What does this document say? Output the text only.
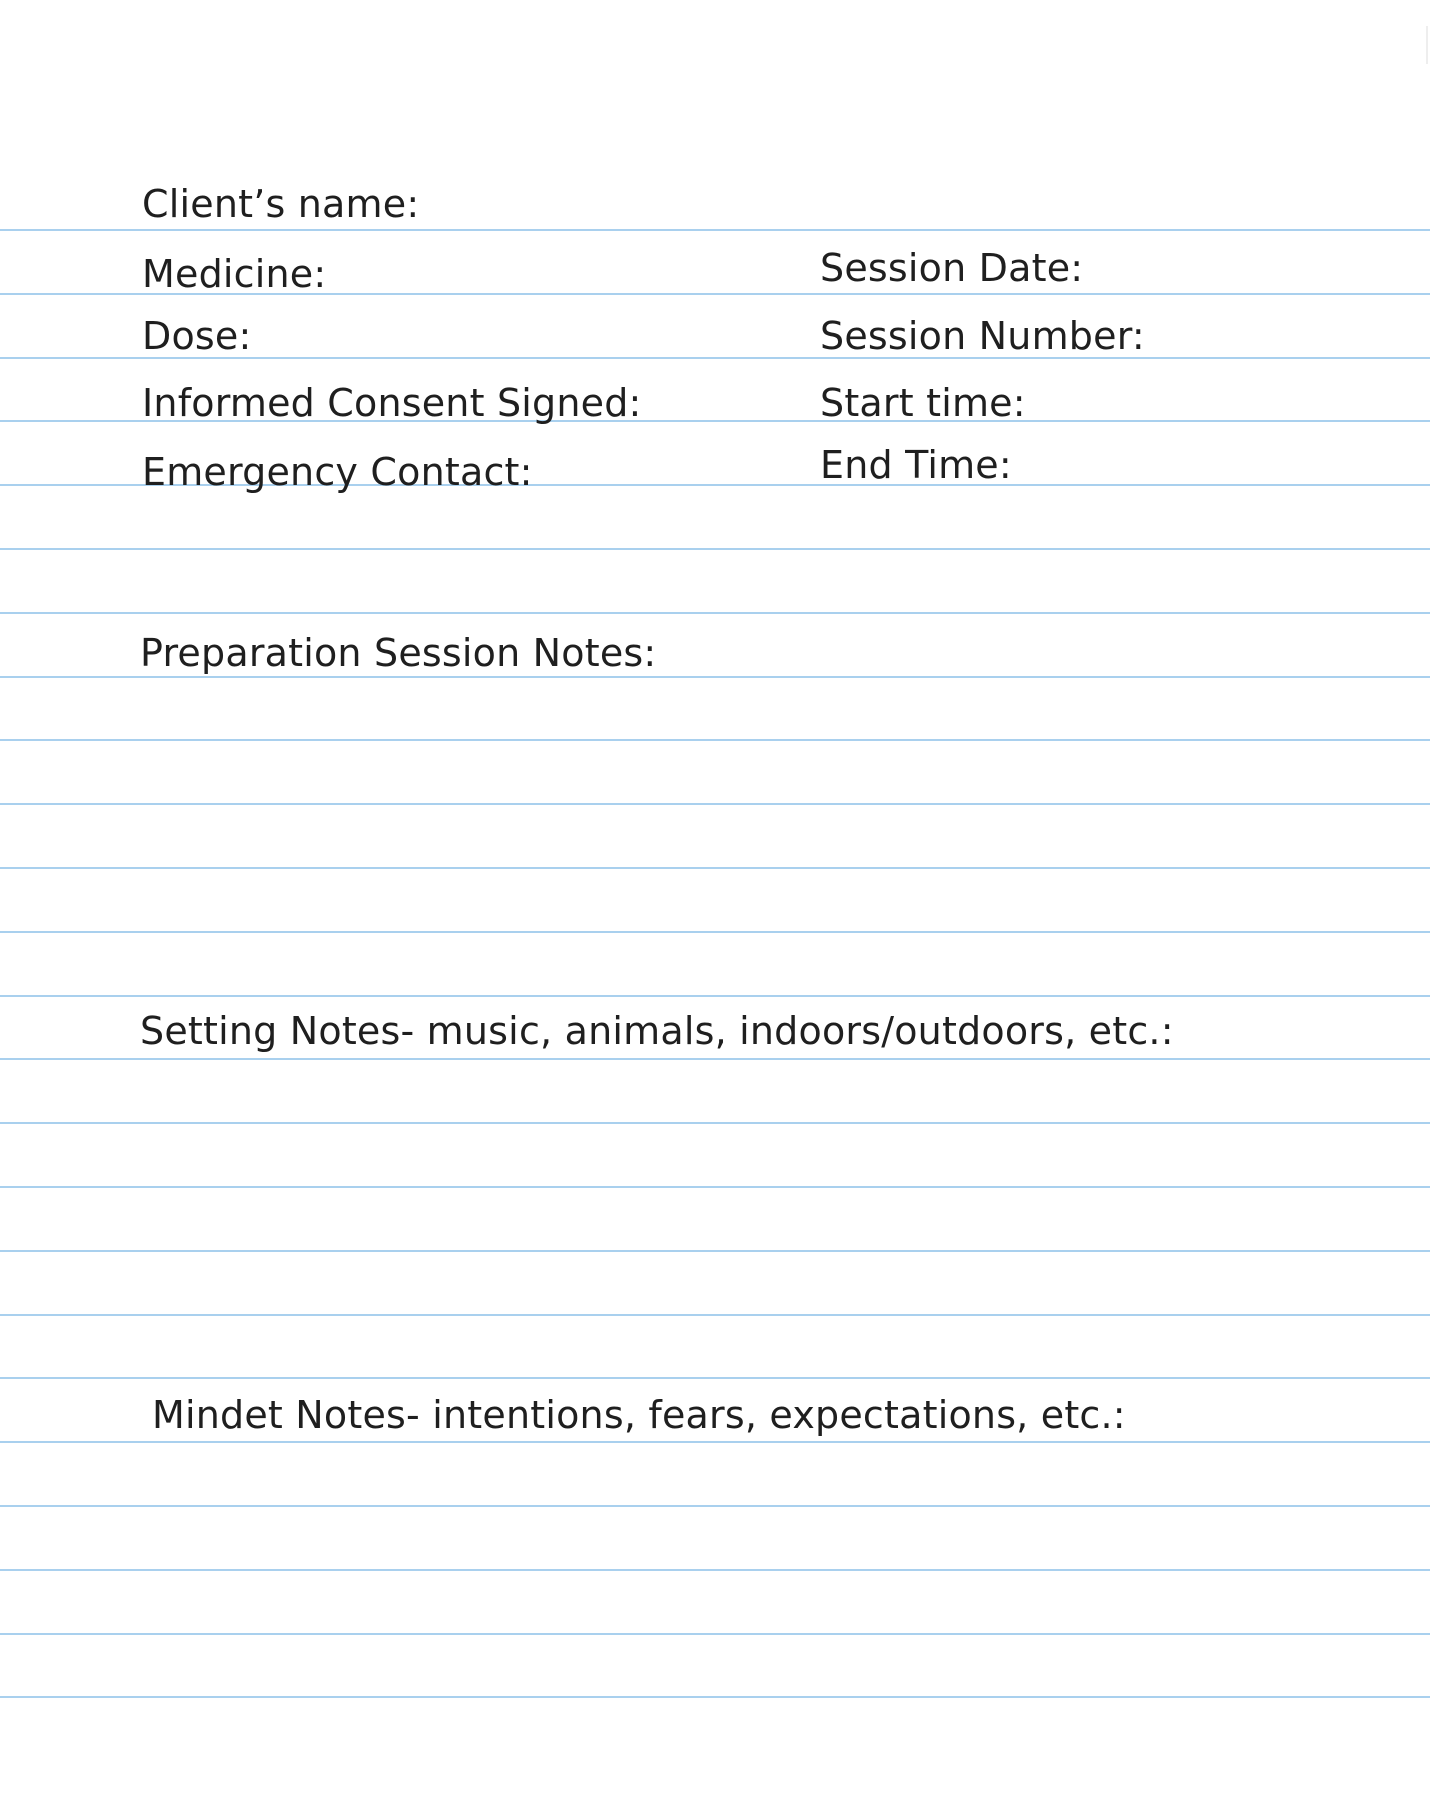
Client’s name:
Medicine:	Session Date:
Dose:	Session Number:
Informed Consent Signed:	Start time:
Emergency Contact:	End Time:
Preparation Session Notes:
Setting Notes- music, animals, indoors/outdoors, etc.:
Mindet Notes- intentions, fears, expectations, etc.:
